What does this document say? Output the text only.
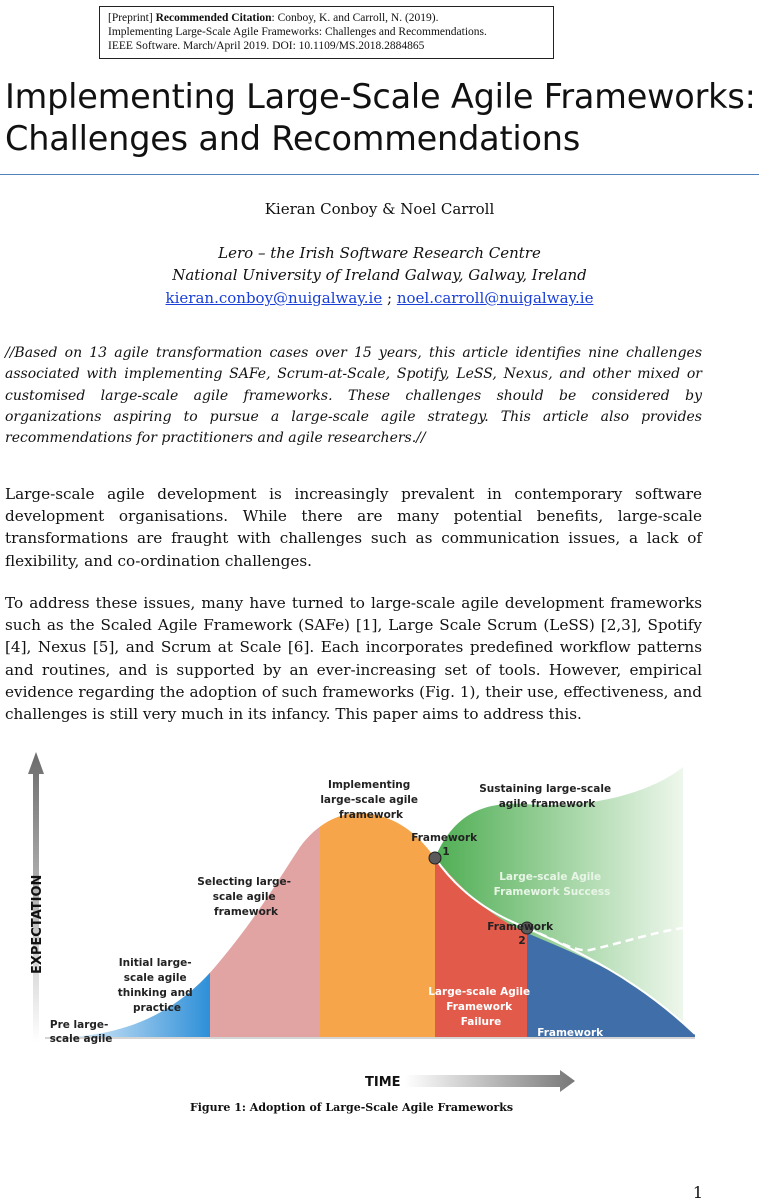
[Preprint] Recommended Citation: Conboy, K. and Carroll, N. (2019).
Implementing Large-Scale Agile Frameworks: Challenges and Recommendations.
IEEE Software. March/April 2019. DOI: 10.1109/MS.2018.2884865
Implementing Large-Scale Agile Frameworks:
Challenges and Recommendations
Kieran Conboy & Noel Carroll
Lero – the Irish Software Research Centre
National University of Ireland Galway, Galway, Ireland
kieran.conboy@nuigalway.ie ; noel.carroll@nuigalway.ie

//Based on 13 agile transformation cases over 15 years, this article identifies nine challenges associated with implementing SAFe, Scrum-at-Scale, Spotify, LeSS, Nexus, and other mixed or customised large-scale agile frameworks. These challenges should be considered by organizations aspiring to pursue a large-scale agile strategy. This article also provides recommendations for practitioners and agile researchers.//

Large-scale agile development is increasingly prevalent in contemporary software development organisations. While there are many potential benefits, large-scale transformations are fraught with challenges such as communication issues, a lack of flexibility, and co-ordination challenges.

To address these issues, many have turned to large-scale agile development frameworks such as the Scaled Agile Framework (SAFe) [1], Large Scale Scrum (LeSS) [2,3], Spotify [4], Nexus [5], and Scrum at Scale [6]. Each incorporates predefined workflow patterns and routines, and is supported by an ever-increasing set of tools. However, empirical evidence regarding the adoption of such frameworks (Fig. 1), their use, effectiveness, and challenges is still very much in its infancy. This paper aims to address this.

EXPECTATION
TIME
Pre large- scale agile
Initial large- scale agile thinking and practice
Selecting large- scale agile framework
Implementing large-scale agile framework
Sustaining large-scale agile framework
Large-scale Agile Framework Success
Large-scale Agile Framework Failure
Framework abandonment
Framework 1
Framework 2
Figure 1: Adoption of Large-Scale Agile Frameworks
1
